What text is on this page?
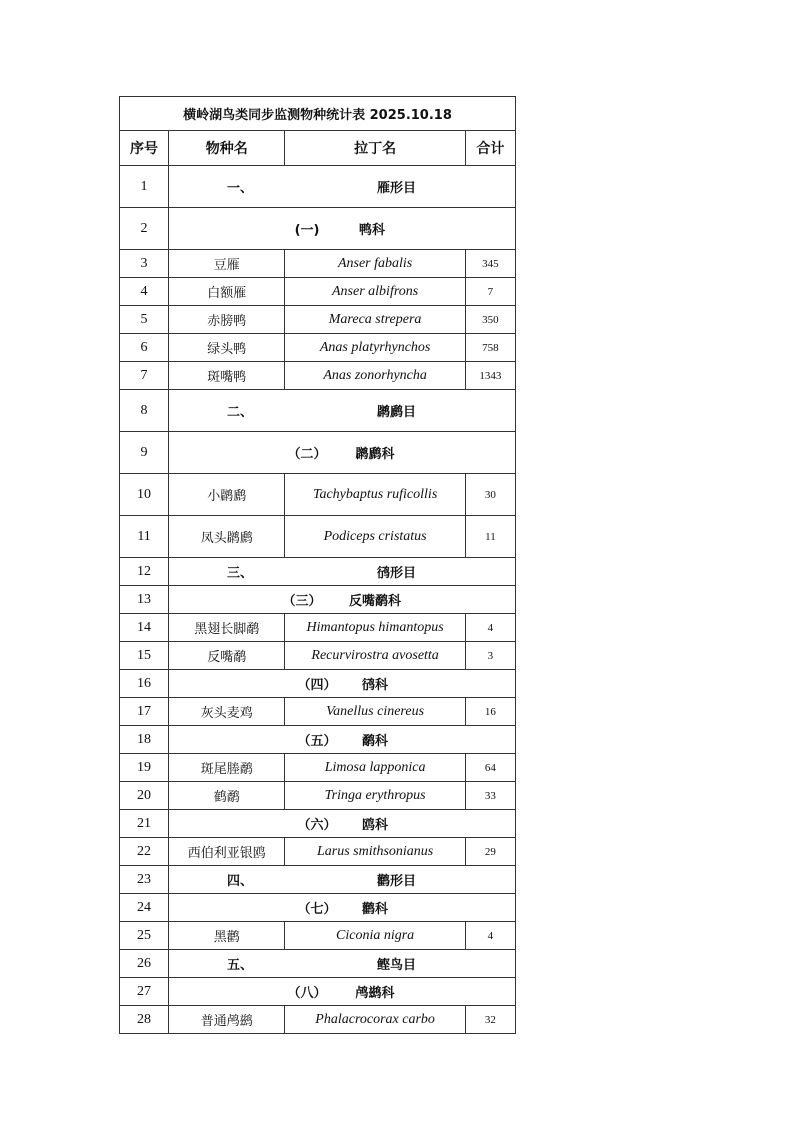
横岭湖鸟类同步监测物种统计表 2025.10.18			
序号	物种名	拉丁名	合计
1	一、 雁形目		
2	(一) 鸭科		
3	豆雁	Anser fabalis	345
4	白额雁	Anser albifrons	7
5	赤膀鸭	Mareca strepera	350
6	绿头鸭	Anas platyrhynchos	758
7	斑嘴鸭	Anas zonorhyncha	1343
8	二、 䴙䴘目		
9	（二） 䴙䴘科		
10	小䴙䴘	Tachybaptus ruficollis	30
11	凤头䴙䴘	Podiceps cristatus	11
12	三、 鸻形目		
13	（三） 反嘴鹬科		
14	黑翅长脚鹬	Himantopus himantopus	4
15	反嘴鹬	Recurvirostra avosetta	3
16	（四） 鸻科		
17	灰头麦鸡	Vanellus cinereus	16
18	（五） 鹬科		
19	斑尾塍鹬	Limosa lapponica	64
20	鹤鹬	Tringa erythropus	33
21	（六） 鸥科		
22	西伯利亚银鸥	Larus smithsonianus	29
23	四、 鹳形目		
24	（七） 鹳科		
25	黑鹳	Ciconia nigra	4
26	五、 鲣鸟目		
27	（八） 鸬鹚科		
28	普通鸬鹚	Phalacrocorax carbo	32
